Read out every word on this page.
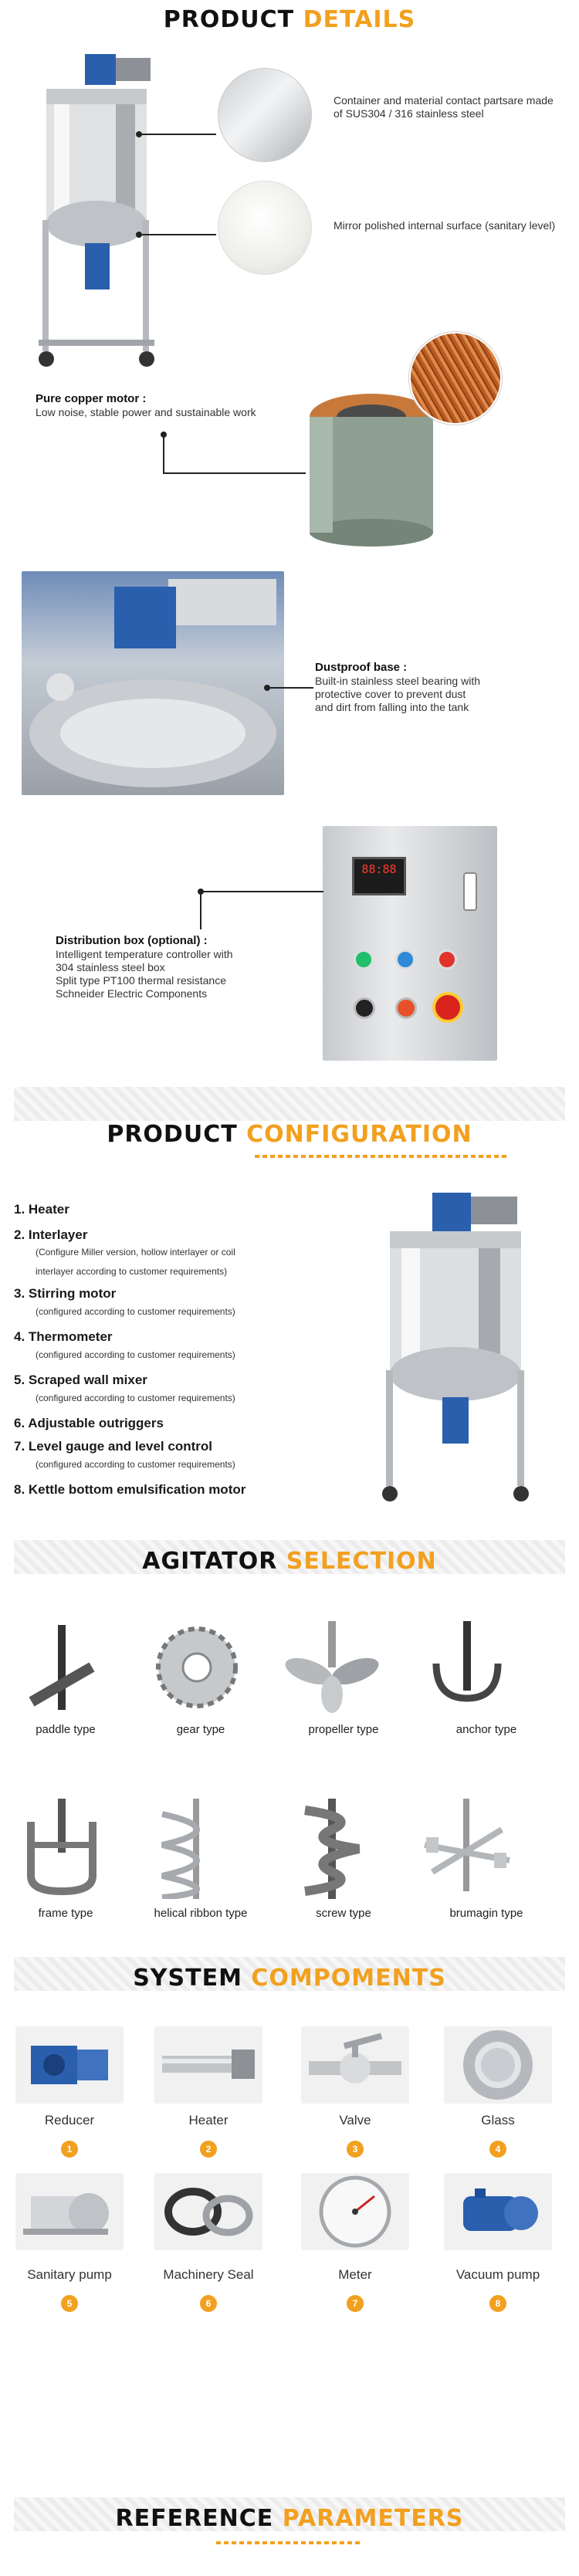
PRODUCT DETAILS
Container and material contact partsare made of SUS304 / 316 stainless steel
Mirror polished internal surface (sanitary level)
Pure copper motor :
Low noise, stable power and sustainable work
Dustproof base :
Built-in stainless steel bearing with
protective cover to prevent dust
and dirt from falling into the tank
88:88
Distribution box (optional) :
Intelligent temperature controller with
304 stainless steel box
Split type PT100 thermal resistance
Schneider Electric Components
PRODUCT CONFIGURATION
1. Heater
2. Interlayer
(Configure Miller version, hollow interlayer or coil
interlayer according to customer requirements)
3. Stirring motor
(configured according to customer requirements)
4. Thermometer
(configured according to customer requirements)
5. Scraped wall mixer
(configured according to customer requirements)
6. Adjustable outriggers
7. Level gauge and level control
(configured according to customer requirements)
8. Kettle bottom emulsification motor
AGITATOR SELECTION
paddle type	gear type	propeller type	anchor type
frame type	helical ribbon type	screw type	brumagin type
SYSTEM COMPOMENTS
Reducer	Heater	Valve	Glass
1	2	3	4
Sanitary pump	Machinery Seal	Meter	Vacuum pump
5	6	7	8
REFERENCE PARAMETERS
